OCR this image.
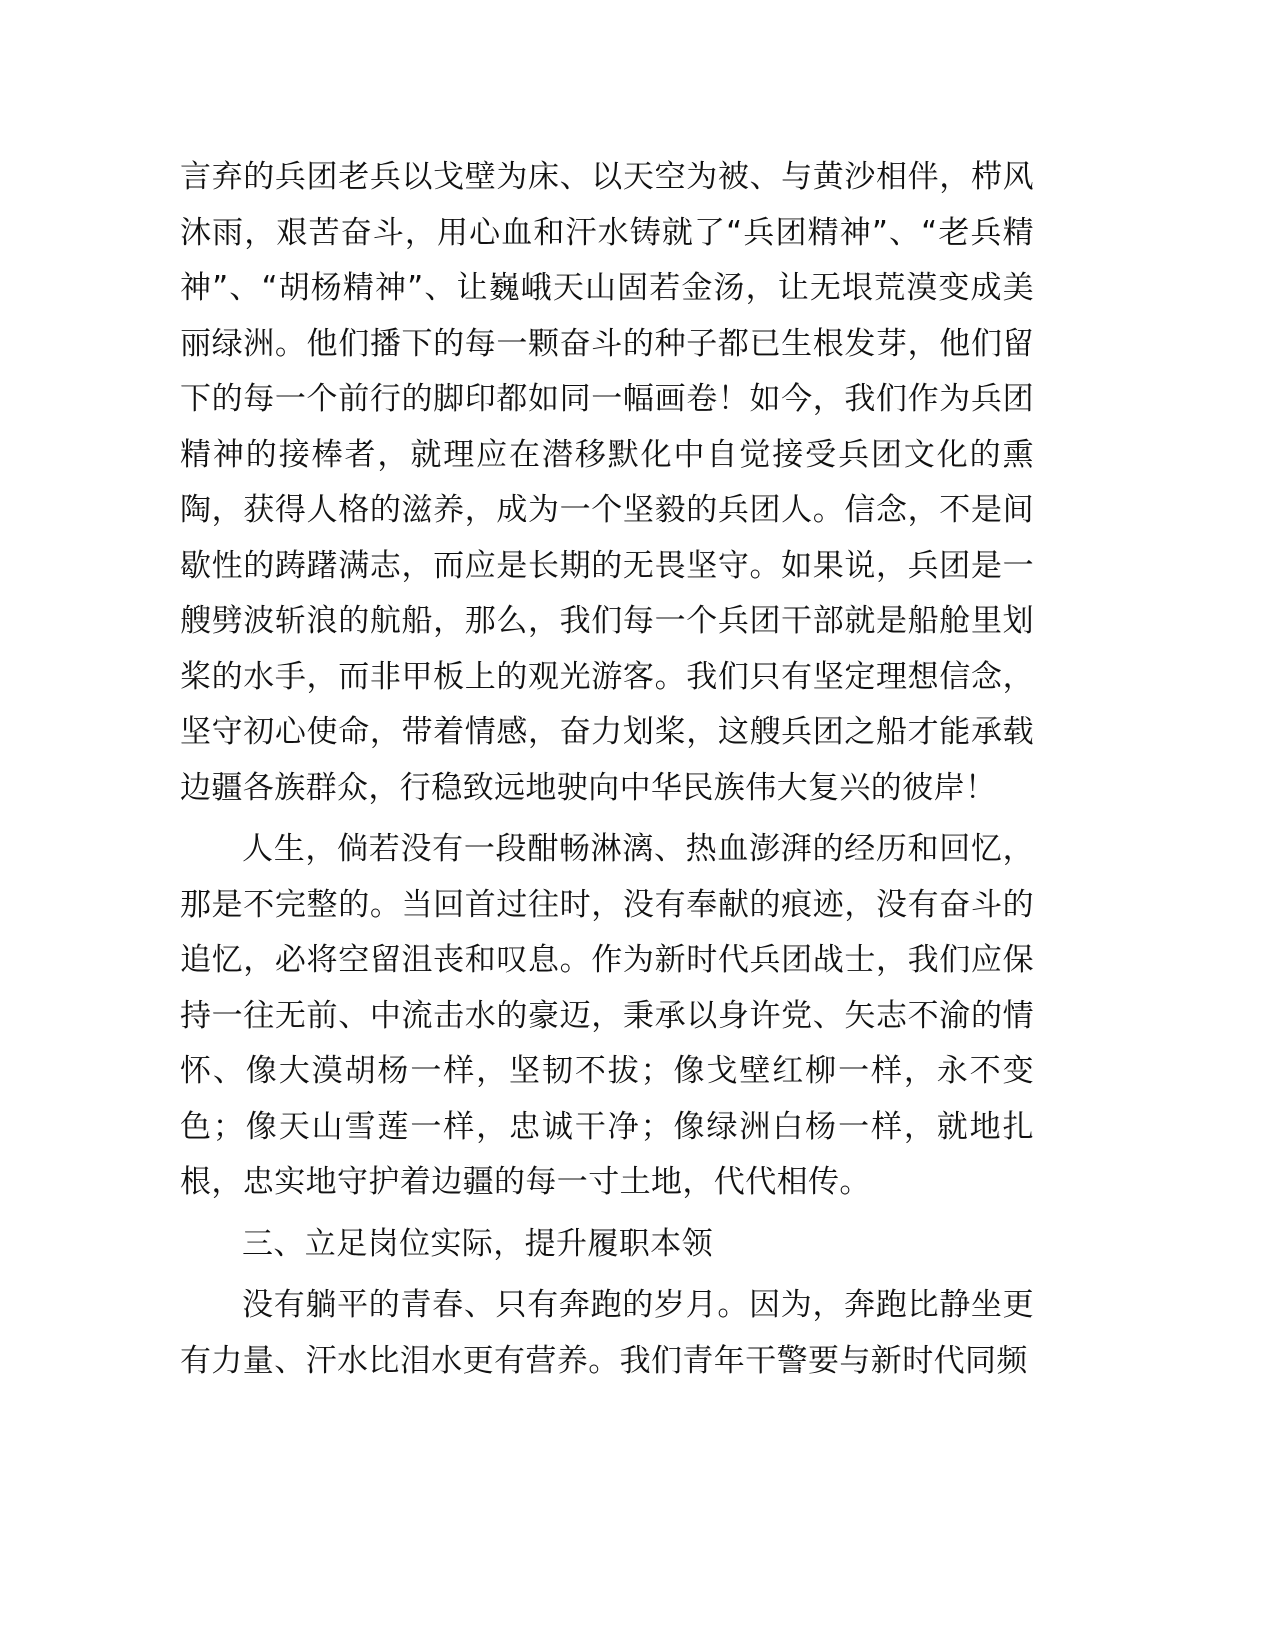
言弃的兵团老兵以戈壁为床、以天空为被、与黄沙相伴，栉风沐雨，艰苦奋斗，用心血和汗水铸就了“兵团精神”、“老兵精神”、“胡杨精神”、让巍峨天山固若金汤，让无垠荒漠变成美丽绿洲。他们播下的每一颗奋斗的种子都已生根发芽，他们留下的每一个前行的脚印都如同一幅画卷！如今，我们作为兵团精神的接棒者，就理应在潜移默化中自觉接受兵团文化的熏陶，获得人格的滋养，成为一个坚毅的兵团人。信念，不是间歇性的踌躇满志，而应是长期的无畏坚守。如果说，兵团是一艘劈波斩浪的航船，那么，我们每一个兵团干部就是船舱里划桨的水手，而非甲板上的观光游客。我们只有坚定理想信念，坚守初心使命，带着情感，奋力划桨，这艘兵团之船才能承载边疆各族群众，行稳致远地驶向中华民族伟大复兴的彼岸！

人生，倘若没有一段酣畅淋漓、热血澎湃的经历和回忆，那是不完整的。当回首过往时，没有奉献的痕迹，没有奋斗的追忆，必将空留沮丧和叹息。作为新时代兵团战士，我们应保持一往无前、中流击水的豪迈，秉承以身许党、矢志不渝的情怀、像大漠胡杨一样，坚韧不拔；像戈壁红柳一样，永不变色；像天山雪莲一样，忠诚干净；像绿洲白杨一样，就地扎根，忠实地守护着边疆的每一寸土地，代代相传。

三、立足岗位实际，提升履职本领

没有躺平的青春、只有奔跑的岁月。因为，奔跑比静坐更有力量、汗水比泪水更有营养。我们青年干警要与新时代同频
